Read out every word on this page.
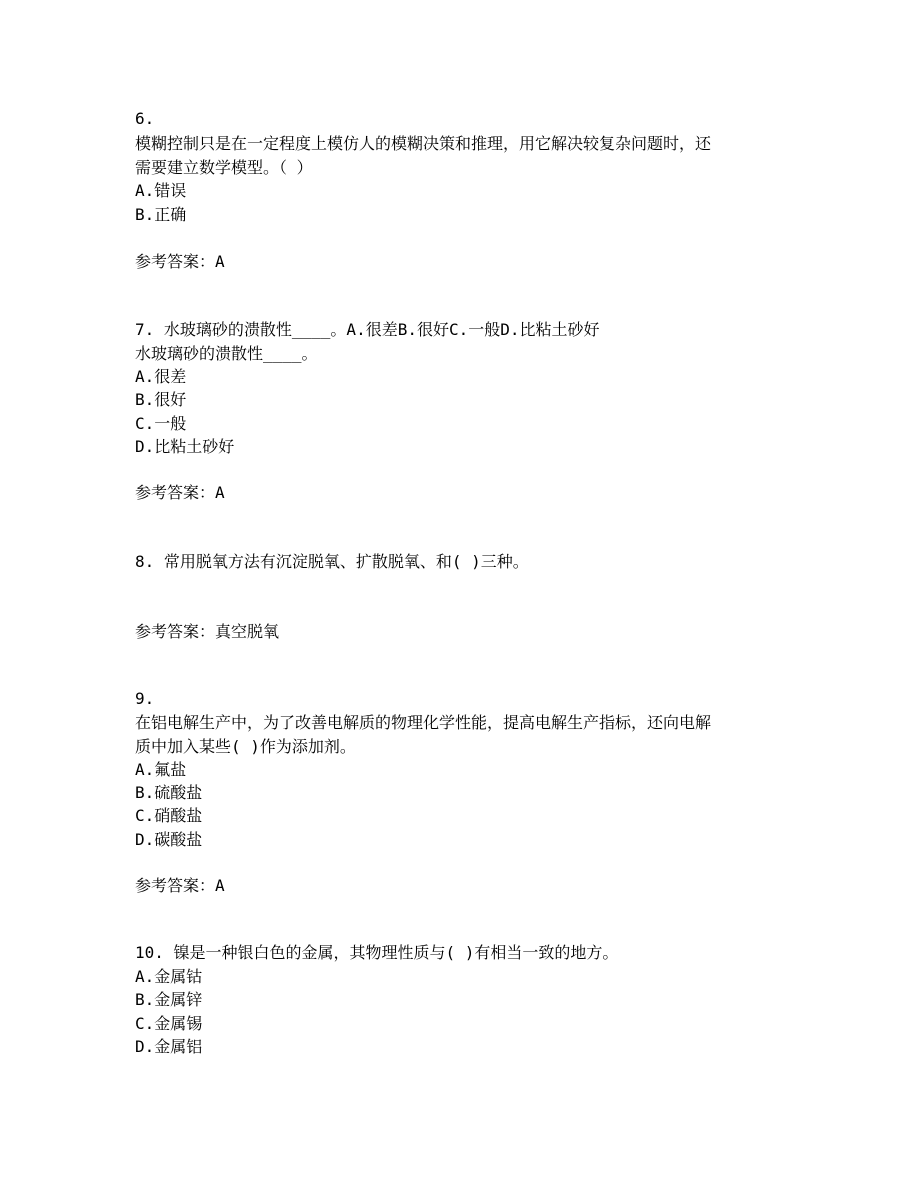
6.
模糊控制只是在一定程度上模仿人的模糊决策和推理，用它解决较复杂问题时，还
需要建立数学模型。（ ）
A.错误
B.正确
参考答案：A
7. 水玻璃砂的溃散性____。A.很差B.很好C.一般D.比粘土砂好
水玻璃砂的溃散性____。
A.很差
B.很好
C.一般
D.比粘土砂好
参考答案：A
8. 常用脱氧方法有沉淀脱氧、扩散脱氧、和( )三种。
参考答案：真空脱氧
9.
在铝电解生产中，为了改善电解质的物理化学性能，提高电解生产指标，还向电解
质中加入某些( )作为添加剂。
A.氟盐
B.硫酸盐
C.硝酸盐
D.碳酸盐
参考答案：A
10. 镍是一种银白色的金属，其物理性质与( )有相当一致的地方。
A.金属钴
B.金属锌
C.金属锡
D.金属铝
